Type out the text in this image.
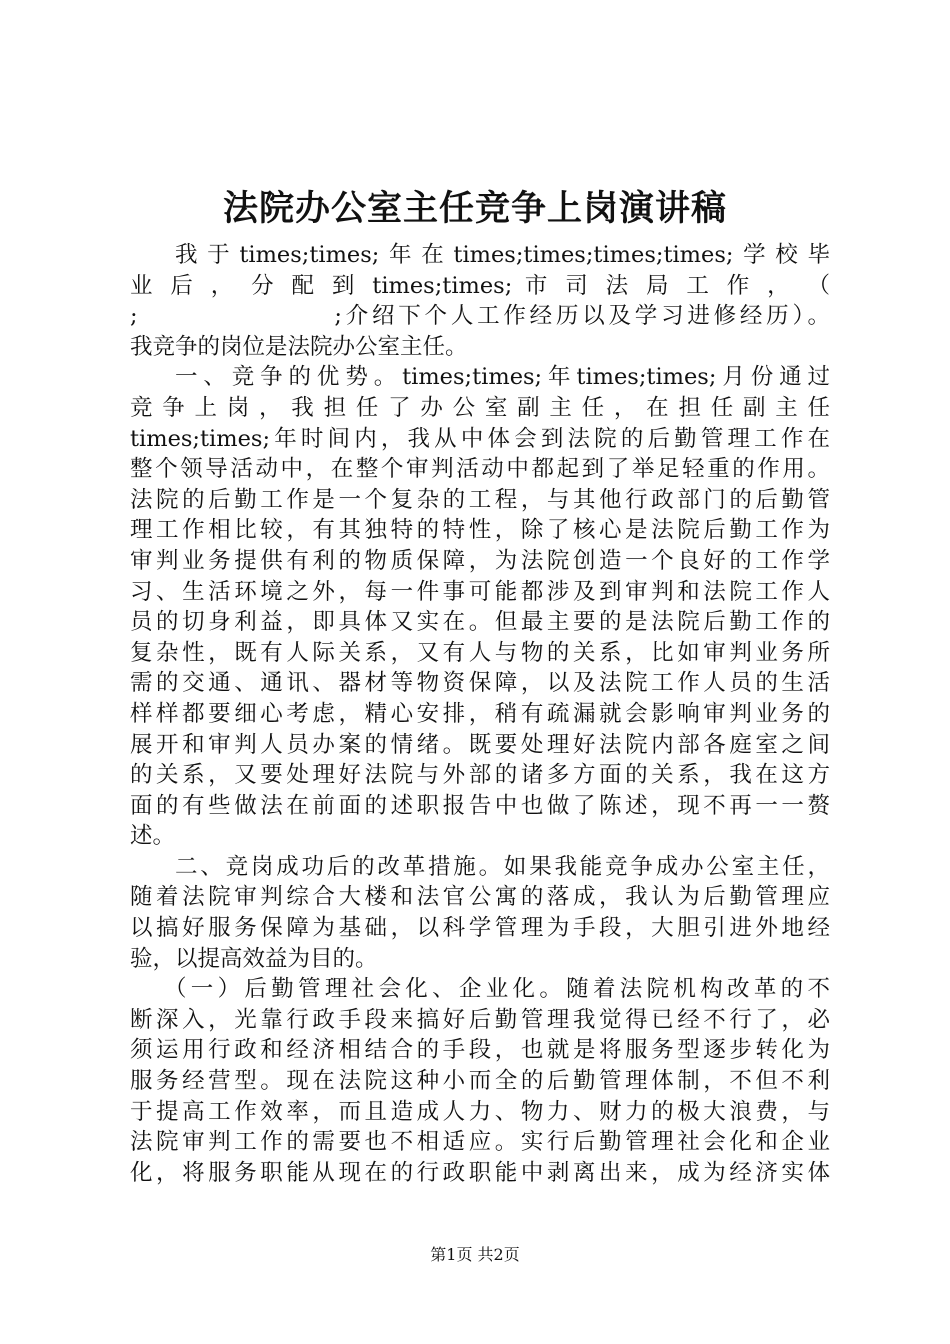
法院办公室主任竞争上岗演讲稿
我于times;times;年在times;times;times;times;学校毕
业 后 ， 分 配 到 times;times; 市 司 法 局 工 作 ， （
;                  ;介绍下个人工作经历以及学习进修经历）。
我竞争的岗位是法院办公室主任。
一、竞争的优势。times;times;年times;times;月份通过
竞 争 上 岗 ， 我 担 任 了 办 公 室 副 主 任 ， 在 担 任 副 主 任
times;times;年时间内，我从中体会到法院的后勤管理工作在
整个领导活动中，在整个审判活动中都起到了举足轻重的作用。
法院的后勤工作是一个复杂的工程，与其他行政部门的后勤管
理工作相比较，有其独特的特性，除了核心是法院后勤工作为
审判业务提供有利的物质保障，为法院创造一个良好的工作学
习、生活环境之外，每一件事可能都涉及到审判和法院工作人
员的切身利益，即具体又实在。但最主要的是法院后勤工作的
复杂性，既有人际关系，又有人与物的关系，比如审判业务所
需的交通、通讯、器材等物资保障，以及法院工作人员的生活
样样都要细心考虑，精心安排，稍有疏漏就会影响审判业务的
展开和审判人员办案的情绪。既要处理好法院内部各庭室之间
的关系，又要处理好法院与外部的诸多方面的关系，我在这方
面的有些做法在前面的述职报告中也做了陈述，现不再一一赘
述。
二、竞岗成功后的改革措施。如果我能竞争成办公室主任，
随着法院审判综合大楼和法官公寓的落成，我认为后勤管理应
以搞好服务保障为基础，以科学管理为手段，大胆引进外地经
验，以提高效益为目的。
（一）后勤管理社会化、企业化。随着法院机构改革的不
断深入，光靠行政手段来搞好后勤管理我觉得已经不行了，必
须运用行政和经济相结合的手段，也就是将服务型逐步转化为
服务经营型。现在法院这种小而全的后勤管理体制，不但不利
于提高工作效率，而且造成人力、物力、财力的极大浪费，与
法院审判工作的需要也不相适应。实行后勤管理社会化和企业
化，将服务职能从现在的行政职能中剥离出来，成为经济实体
第1页 共2页
